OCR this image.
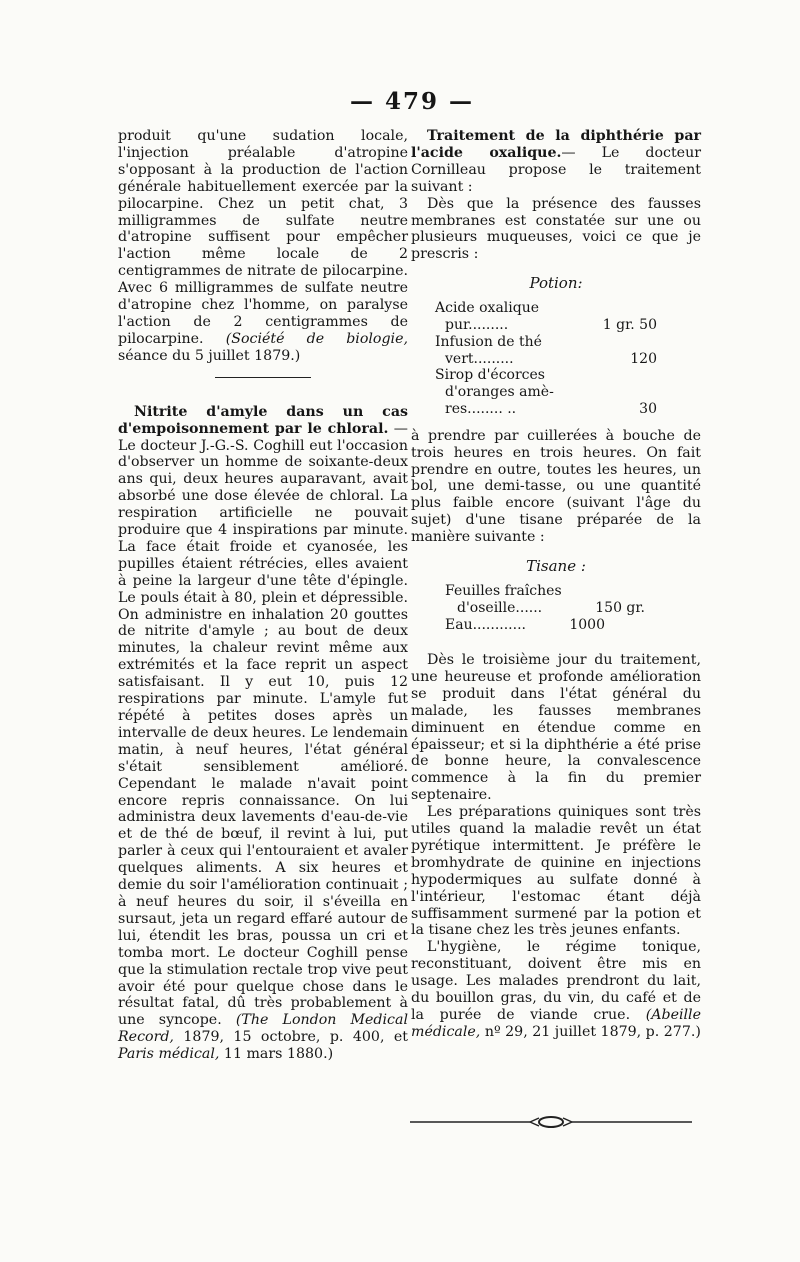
— 479 —

produit qu'une sudation locale, l'injection préalable d'atropine s'opposant à la production de l'action générale habituellement exercée par la pilocarpine. Chez un petit chat, 3 milligrammes de sulfate neutre d'atropine suffisent pour empêcher l'action même locale de 2 centigrammes de nitrate de pilocarpine. Avec 6 milligrammes de sulfate neutre d'atropine chez l'homme, on paralyse l'action de 2 centigrammes de pilocarpine. (Société de biologie, séance du 5 juillet 1879.)

Nitrite d'amyle dans un cas d'empoisonnement par le chloral. — Le docteur J.-G.-S. Coghill eut l'occasion d'observer un homme de soixante-deux ans qui, deux heures auparavant, avait absorbé une dose élevée de chloral. La respiration artificielle ne pouvait produire que 4 inspirations par minute. La face était froide et cyanosée, les pupilles étaient rétrécies, elles avaient à peine la largeur d'une tête d'épingle. Le pouls était à 80, plein et dépressible. On administre en inhalation 20 gouttes de nitrite d'amyle ; au bout de deux minutes, la chaleur revint même aux extrémités et la face reprit un aspect satisfaisant. Il y eut 10, puis 12 respirations par minute. L'amyle fut répété à petites doses après un intervalle de deux heures. Le lendemain matin, à neuf heures, l'état général s'était sensiblement amélioré. Cependant le malade n'avait point encore repris connaissance. On lui administra deux lavements d'eau-de-vie et de thé de bœuf, il revint à lui, put parler à ceux qui l'entouraient et avaler quelques aliments. A six heures et demie du soir l'amélioration continuait ; à neuf heures du soir, il s'éveilla en sursaut, jeta un regard effaré autour de lui, étendit les bras, poussa un cri et tomba mort. Le docteur Coghill pense que la stimulation rectale trop vive peut avoir été pour quelque chose dans le résultat fatal, dû très probablement à une syncope. (The London Medical Record, 1879, 15 octobre, p. 400, et Paris médical, 11 mars 1880.)

Traitement de la diphthérie par l'acide oxalique.— Le docteur Cornilleau propose le traitement suivant :

Dès que la présence des fausses membranes est constatée sur une ou plusieurs muqueuses, voici ce que je prescris :

Potion:
Acide oxalique
pur.........	1 gr. 50
Infusion de thé
vert.........	120
Sirop d'écorces
d'oranges amè-
res........ ..	30

à prendre par cuillerées à bouche de trois heures en trois heures. On fait prendre en outre, toutes les heures, un bol, une demi-tasse, ou une quantité plus faible encore (suivant l'âge du sujet) d'une tisane préparée de la manière suivante :

Tisane :
Feuilles fraîches
d'oseille......	150 gr.
Eau............	1000

Dès le troisième jour du traitement, une heureuse et profonde amélioration se produit dans l'état général du malade, les fausses membranes diminuent en étendue comme en épaisseur; et si la diphthérie a été prise de bonne heure, la convalescence commence à la fin du premier septenaire.

Les préparations quiniques sont très utiles quand la maladie revêt un état pyrétique intermittent. Je préfère le bromhydrate de quinine en injections hypodermiques au sulfate donné à l'intérieur, l'estomac étant déjà suffisamment surmené par la potion et la tisane chez les très jeunes enfants.

L'hygiène, le régime tonique, reconstituant, doivent être mis en usage. Les malades prendront du lait, du bouillon gras, du vin, du café et de la purée de viande crue. (Abeille médicale, nº 29, 21 juillet 1879, p. 277.)
